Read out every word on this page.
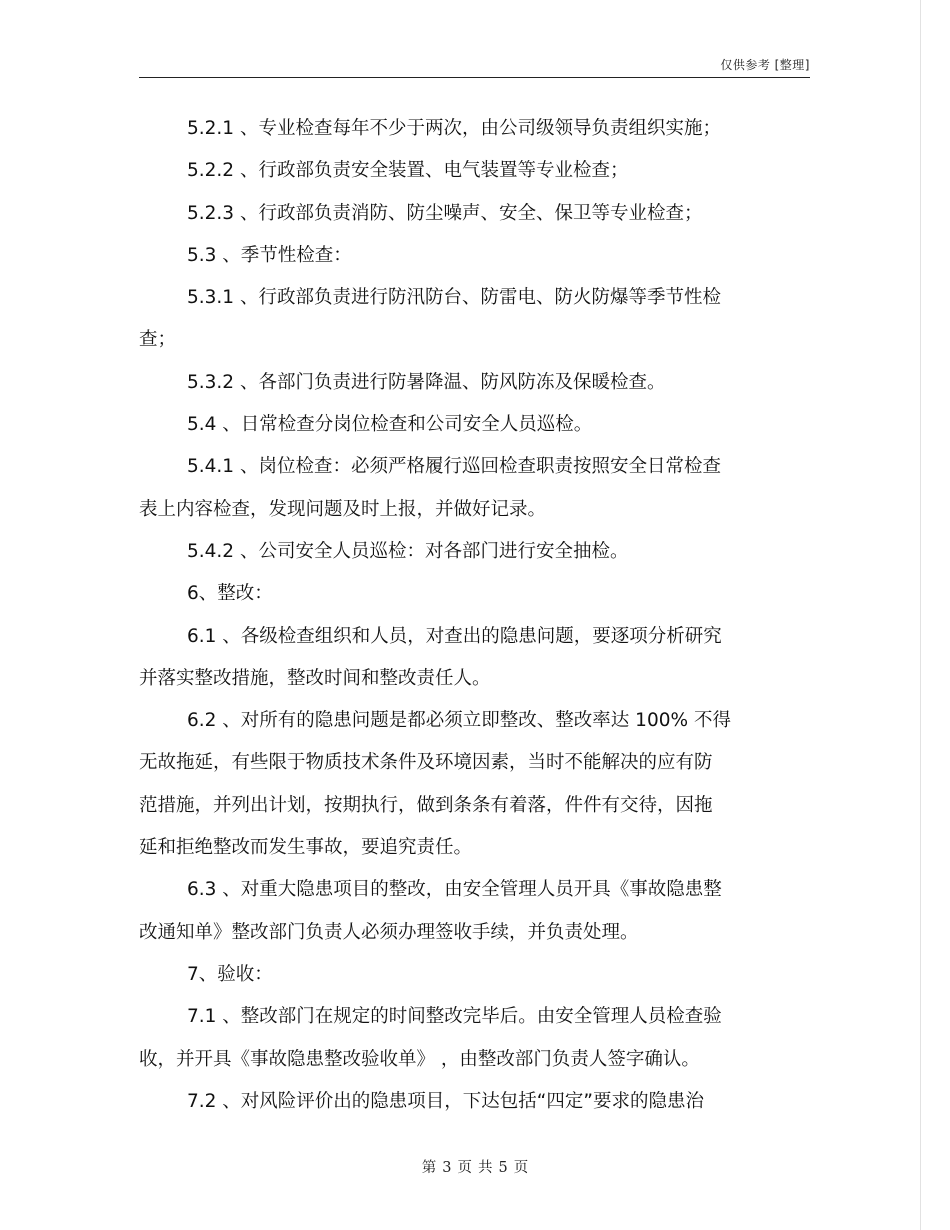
仅供参考 [整理]

5.2.1 、专业检查每年不少于两次，由公司级领导负责组织实施；

5.2.2 、行政部负责安全装置、电气装置等专业检查；

5.2.3 、行政部负责消防、防尘噪声、安全、保卫等专业检查；

5.3 、季节性检查：

5.3.1 、行政部负责进行防汛防台、防雷电、防火防爆等季节性检

查；

5.3.2 、各部门负责进行防暑降温、防风防冻及保暖检查。

5.4 、日常检查分岗位检查和公司安全人员巡检。

5.4.1 、岗位检查：必须严格履行巡回检查职责按照安全日常检查

表上内容检查，发现问题及时上报，并做好记录。

5.4.2 、公司安全人员巡检：对各部门进行安全抽检。

6、整改：

6.1 、各级检查组织和人员，对查出的隐患问题，要逐项分析研究

并落实整改措施，整改时间和整改责任人。

6.2 、对所有的隐患问题是都必须立即整改、整改率达 100% 不得

无故拖延，有些限于物质技术条件及环境因素，当时不能解决的应有防

范措施，并列出计划，按期执行，做到条条有着落，件件有交待，因拖

延和拒绝整改而发生事故，要追究责任。

6.3 、对重大隐患项目的整改，由安全管理人员开具《事故隐患整

改通知单》整改部门负责人必须办理签收手续，并负责处理。

7、验收：

7.1 、整改部门在规定的时间整改完毕后。由安全管理人员检查验

收，并开具《事故隐患整改验收单》 ，由整改部门负责人签字确认。

7.2 、对风险评价出的隐患项目，下达包括“四定”要求的隐患治

第 3 页 共 5 页
